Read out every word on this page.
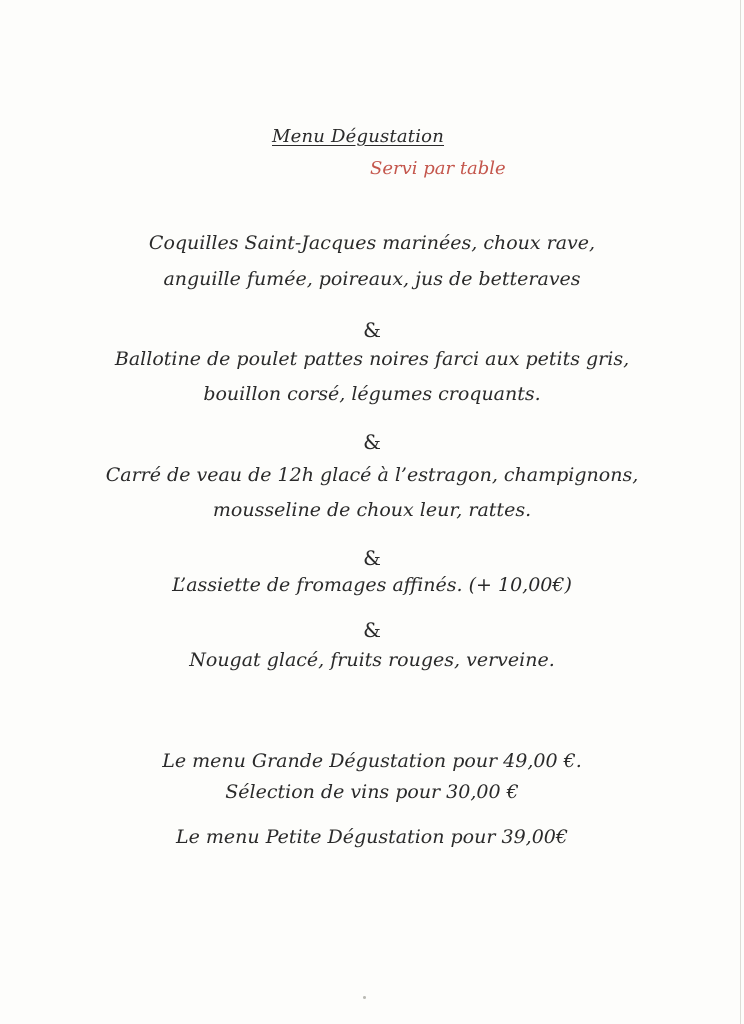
Menu Dégustation
Servi par table
Coquilles Saint-Jacques marinées, choux rave,
anguille fumée, poireaux, jus de betteraves
&
Ballotine de poulet pattes noires farci aux petits gris,
bouillon corsé, légumes croquants.
&
Carré de veau de 12h glacé à l’estragon, champignons,
mousseline de choux leur, rattes.
&
L’assiette de fromages affinés. (+ 10,00€)
&
Nougat glacé, fruits rouges, verveine.
Le menu Grande Dégustation pour 49,00 €.
Sélection de vins pour 30,00 €
Le menu Petite Dégustation pour 39,00€
